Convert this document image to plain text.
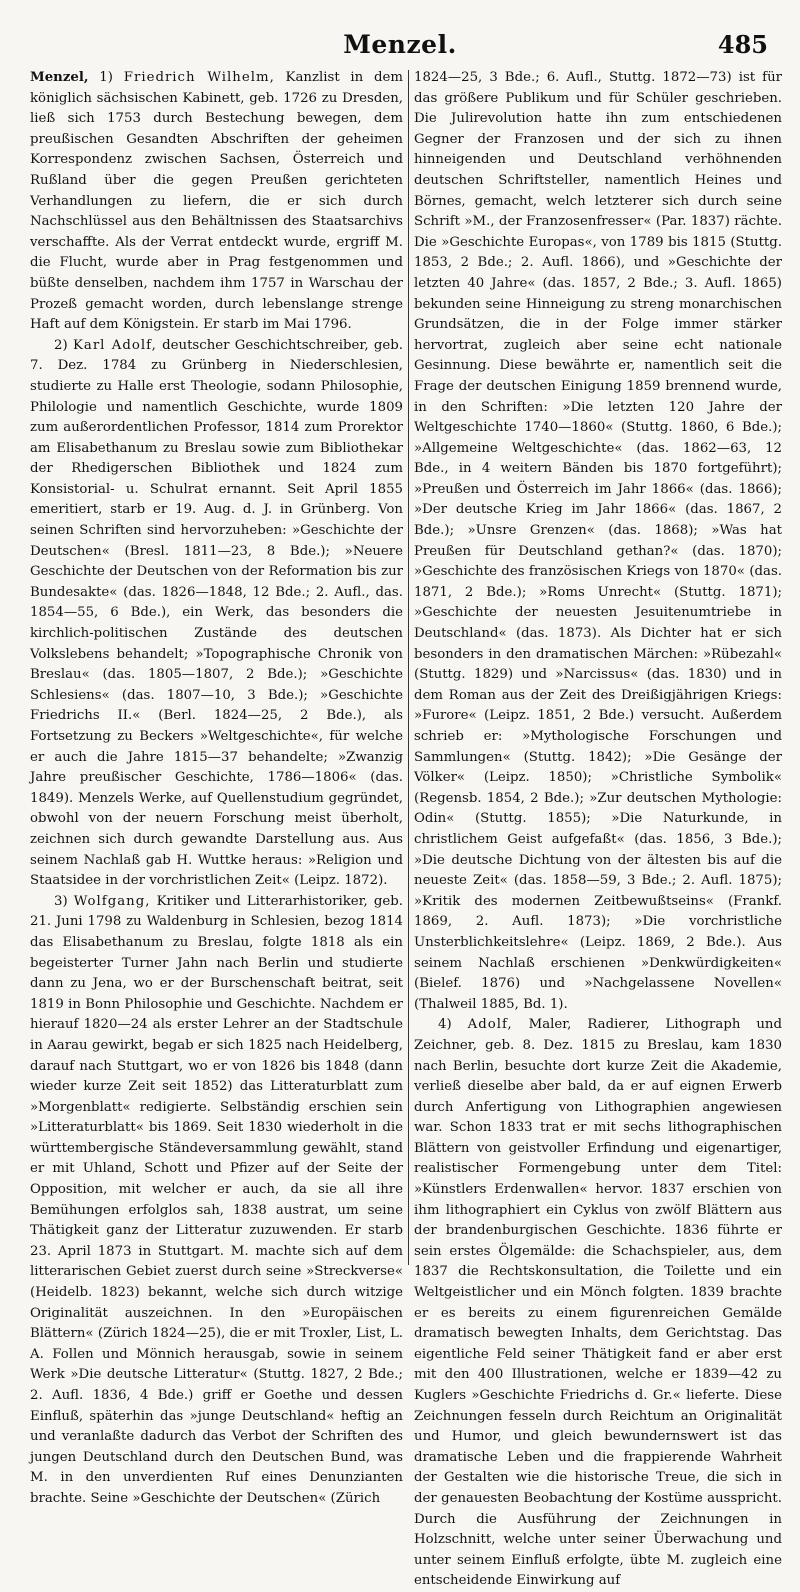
Menzel.	485

Menzel, 1) Friedrich Wilhelm, Kanzlist in dem königlich sächsischen Kabinett, geb. 1726 zu Dresden, ließ sich 1753 durch Bestechung bewegen, dem preußischen Gesandten Abschriften der geheimen Korrespondenz zwischen Sachsen, Österreich und Rußland über die gegen Preußen gerichteten Verhandlungen zu liefern, die er sich durch Nachschlüssel aus den Behältnissen des Staatsarchivs verschaffte. Als der Verrat entdeckt wurde, ergriff M. die Flucht, wurde aber in Prag festgenommen und büßte denselben, nachdem ihm 1757 in Warschau der Prozeß gemacht worden, durch lebenslange strenge Haft auf dem Königstein. Er starb im Mai 1796.

2) Karl Adolf, deutscher Geschichtschreiber, geb. 7. Dez. 1784 zu Grünberg in Niederschlesien, studierte zu Halle erst Theologie, sodann Philosophie, Philologie und namentlich Geschichte, wurde 1809 zum außerordentlichen Professor, 1814 zum Prorektor am Elisabethanum zu Breslau sowie zum Bibliothekar der Rhedigerschen Bibliothek und 1824 zum Konsistorial- u. Schulrat ernannt. Seit April 1855 emeritiert, starb er 19. Aug. d. J. in Grünberg. Von seinen Schriften sind hervorzuheben: »Geschichte der Deutschen« (Bresl. 1811—23, 8 Bde.); »Neuere Geschichte der Deutschen von der Reformation bis zur Bundesakte« (das. 1826—1848, 12 Bde.; 2. Aufl., das. 1854—55, 6 Bde.), ein Werk, das besonders die kirchlich-politischen Zustände des deutschen Volkslebens behandelt; »Topographische Chronik von Breslau« (das. 1805—1807, 2 Bde.); »Geschichte Schlesiens« (das. 1807—10, 3 Bde.); »Geschichte Friedrichs II.« (Berl. 1824—25, 2 Bde.), als Fortsetzung zu Beckers »Weltgeschichte«, für welche er auch die Jahre 1815—37 behandelte; »Zwanzig Jahre preußischer Geschichte, 1786—1806« (das. 1849). Menzels Werke, auf Quellenstudium gegründet, obwohl von der neuern Forschung meist überholt, zeichnen sich durch gewandte Darstellung aus. Aus seinem Nachlaß gab H. Wuttke heraus: »Religion und Staatsidee in der vorchristlichen Zeit« (Leipz. 1872).

3) Wolfgang, Kritiker und Litterarhistoriker, geb. 21. Juni 1798 zu Waldenburg in Schlesien, bezog 1814 das Elisabethanum zu Breslau, folgte 1818 als ein begeisterter Turner Jahn nach Berlin und studierte dann zu Jena, wo er der Burschenschaft beitrat, seit 1819 in Bonn Philosophie und Geschichte. Nachdem er hierauf 1820—24 als erster Lehrer an der Stadtschule in Aarau gewirkt, begab er sich 1825 nach Heidelberg, darauf nach Stuttgart, wo er von 1826 bis 1848 (dann wieder kurze Zeit seit 1852) das Litteraturblatt zum »Morgenblatt« redigierte. Selbständig erschien sein »Litteraturblatt« bis 1869. Seit 1830 wiederholt in die württembergische Ständeversammlung gewählt, stand er mit Uhland, Schott und Pfizer auf der Seite der Opposition, mit welcher er auch, da sie all ihre Bemühungen erfolglos sah, 1838 austrat, um seine Thätigkeit ganz der Litteratur zuzuwenden. Er starb 23. April 1873 in Stuttgart. M. machte sich auf dem litterarischen Gebiet zuerst durch seine »Streckverse« (Heidelb. 1823) bekannt, welche sich durch witzige Originalität auszeichnen. In den »Europäischen Blättern« (Zürich 1824—25), die er mit Troxler, List, L. A. Follen und Mönnich herausgab, sowie in seinem Werk »Die deutsche Litteratur« (Stuttg. 1827, 2 Bde.; 2. Aufl. 1836, 4 Bde.) griff er Goethe und dessen Einfluß, späterhin das »junge Deutschland« heftig an und veranlaßte dadurch das Verbot der Schriften des jungen Deutschland durch den Deutschen Bund, was M. in den unverdienten Ruf eines Denunzianten brachte. Seine »Geschichte der Deutschen« (Zürich

1824—25, 3 Bde.; 6. Aufl., Stuttg. 1872—73) ist für das größere Publikum und für Schüler geschrieben. Die Julirevolution hatte ihn zum entschiedenen Gegner der Franzosen und der sich zu ihnen hinneigenden und Deutschland verhöhnenden deutschen Schriftsteller, namentlich Heines und Börnes, gemacht, welch letzterer sich durch seine Schrift »M., der Franzosenfresser« (Par. 1837) rächte. Die »Geschichte Europas«, von 1789 bis 1815 (Stuttg. 1853, 2 Bde.; 2. Aufl. 1866), und »Geschichte der letzten 40 Jahre« (das. 1857, 2 Bde.; 3. Aufl. 1865) bekunden seine Hinneigung zu streng monarchischen Grundsätzen, die in der Folge immer stärker hervortrat, zugleich aber seine echt nationale Gesinnung. Diese bewährte er, namentlich seit die Frage der deutschen Einigung 1859 brennend wurde, in den Schriften: »Die letzten 120 Jahre der Weltgeschichte 1740—1860« (Stuttg. 1860, 6 Bde.); »Allgemeine Weltgeschichte« (das. 1862—63, 12 Bde., in 4 weitern Bänden bis 1870 fortgeführt); »Preußen und Österreich im Jahr 1866« (das. 1866); »Der deutsche Krieg im Jahr 1866« (das. 1867, 2 Bde.); »Unsre Grenzen« (das. 1868); »Was hat Preußen für Deutschland gethan?« (das. 1870); »Geschichte des französischen Kriegs von 1870« (das. 1871, 2 Bde.); »Roms Unrecht« (Stuttg. 1871); »Geschichte der neuesten Jesuitenumtriebe in Deutschland« (das. 1873). Als Dichter hat er sich besonders in den dramatischen Märchen: »Rübezahl« (Stuttg. 1829) und »Narcissus« (das. 1830) und in dem Roman aus der Zeit des Dreißigjährigen Kriegs: »Furore« (Leipz. 1851, 2 Bde.) versucht. Außerdem schrieb er: »Mythologische Forschungen und Sammlungen« (Stuttg. 1842); »Die Gesänge der Völker« (Leipz. 1850); »Christliche Symbolik« (Regensb. 1854, 2 Bde.); »Zur deutschen Mythologie: Odin« (Stuttg. 1855); »Die Naturkunde, in christlichem Geist aufgefaßt« (das. 1856, 3 Bde.); »Die deutsche Dichtung von der ältesten bis auf die neueste Zeit« (das. 1858—59, 3 Bde.; 2. Aufl. 1875); »Kritik des modernen Zeitbewußtseins« (Frankf. 1869, 2. Aufl. 1873); »Die vorchristliche Unsterblichkeitslehre« (Leipz. 1869, 2 Bde.). Aus seinem Nachlaß erschienen »Denkwürdigkeiten« (Bielef. 1876) und »Nachgelassene Novellen« (Thalweil 1885, Bd. 1).

4) Adolf, Maler, Radierer, Lithograph und Zeichner, geb. 8. Dez. 1815 zu Breslau, kam 1830 nach Berlin, besuchte dort kurze Zeit die Akademie, verließ dieselbe aber bald, da er auf eignen Erwerb durch Anfertigung von Lithographien angewiesen war. Schon 1833 trat er mit sechs lithographischen Blättern von geistvoller Erfindung und eigenartiger, realistischer Formengebung unter dem Titel: »Künstlers Erdenwallen« hervor. 1837 erschien von ihm lithographiert ein Cyklus von zwölf Blättern aus der brandenburgischen Geschichte. 1836 führte er sein erstes Ölgemälde: die Schachspieler, aus, dem 1837 die Rechtskonsultation, die Toilette und ein Weltgeistlicher und ein Mönch folgten. 1839 brachte er es bereits zu einem figurenreichen Gemälde dramatisch bewegten Inhalts, dem Gerichtstag. Das eigentliche Feld seiner Thätigkeit fand er aber erst mit den 400 Illustrationen, welche er 1839—42 zu Kuglers »Geschichte Friedrichs d. Gr.« lieferte. Diese Zeichnungen fesseln durch Reichtum an Originalität und Humor, und gleich bewundernswert ist das dramatische Leben und die frappierende Wahrheit der Gestalten wie die historische Treue, die sich in der genauesten Beobachtung der Kostüme ausspricht. Durch die Ausführung der Zeichnungen in Holzschnitt, welche unter seiner Überwachung und unter seinem Einfluß erfolgte, übte M. zugleich eine entscheidende Einwirkung auf
